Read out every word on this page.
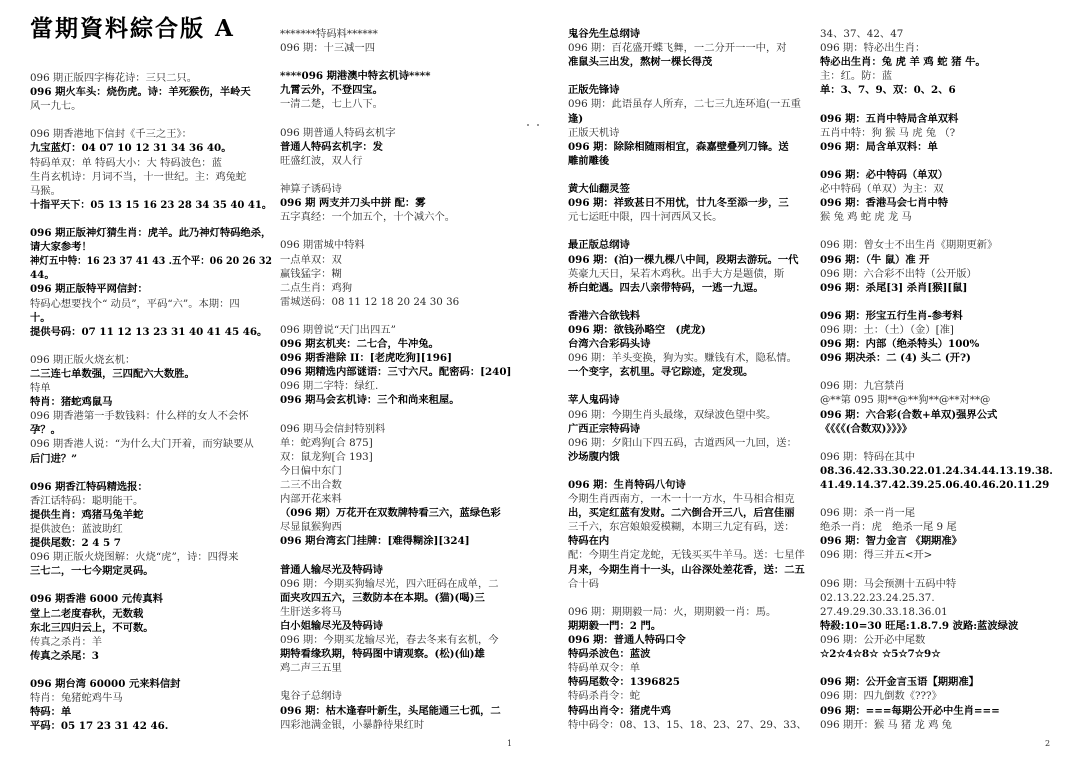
當期資料綜合版 A
096 期正版四字梅花诗：三只二只。
096 期火车头：烧伤虎。诗：羊死猴伤，半岭天
风一九七。
096 期香港地下信封《千三之王》：
九宝蓝灯：04 07 10 12 31 34 36 40。
特码单双：单 特码大小：大 特码波色：蓝
生肖玄机诗：月词不当，十一世纪。主：鸡兔蛇
马猴。
十指平天下：05 13 15 16 23 28 34 35 40 41。
096 期正版神灯猜生肖：虎羊。此乃神灯特码绝杀，
请大家参考！
神灯五中特：16 23 37 41 43 .五个平：06 20 26 32
44。
096 期正版特平网信封：
特码心想要找个“ 动员”，平码“六”。本期：四
十。
提供号码：07 11 12 13 23 31 40 41 45 46。
096 期正版火烧玄机：
二三连七单数强，三四配六大数胜。
特单
特肖：猪蛇鸡鼠马
096 期香港第一手数钱料：什么样的女人不会怀
孕？。
096 期香港人说：“为什么大门开着，而穷缺要从
后门进？”
096 期香江特码精选报：
香江话特码：聪明能干。
提供生肖：鸡猪马兔羊蛇
提供波色：蓝波助红
提供尾数：2 4 5 7
096 期正版火烧图解：火烧“虎”，诗：四得来
三七二，一七今期定灵码。
096 期香港 6000 元传真料
堂上二老度春秋，无数载
东北三四归云上，不可数。
传真之杀肖：羊
传真之杀尾：3
096 期台湾 60000 元来料信封
特肖：兔猪蛇鸡牛马
特码：单
平码：05 17 23 31 42 46.
*******特码料******
096 期：十三减一四
****096 期港澳中特玄机诗****
九霄云外，不登四宝。
一清二楚，七上八下。
096 期普通人特码玄机字
普通人特码玄机字：发
旺盛红波，双人行
神算子诱码诗
096 期 两支并刀头中拼 配：雾
五字真经：一个加五个，十个减六个。
096 期雷城中特料
一点单双：双
赢钱猛字：糊
二点生肖：鸡狗
雷城送码：08 11 12 18 20 24 30 36
096 期曾说“天门出四五”
096 期玄机夹：二七合，牛冲兔。
096 期香港除 II：[老虎吃狗][196]
096 期精选内部谜语：三寸六尺。配密码：[240]
096 期二字特：绿红.
096 期马会玄机诗：三个和尚来租屋。
096 期马会信封特别料
单：蛇鸡狗[合 875]
双：鼠龙狗[合 193]
今日偏中东门
二三不出合数
内部开花来料
（096 期）万花开在双数牌特看三六，蓝绿色彩
尽显鼠猴狗西
096 期台湾玄门挂牌：[难得糊涂][324]
普通人输尽光及特码诗
096 期：今期买狗输尽光，四六旺码在成单，二
面夹攻四五六，三数防本在本期。(猫)(喝)三
生肝送多将马
白小姐输尽光及特码诗
096 期：今期买龙输尽光，春去冬来有玄机，今
期特看缘玖期，特码图中请观察。(松)(仙)雄
鸡二声三五里
鬼谷子总纲诗
096 期：枯木逢春叶新生，头尾能通三七孤，二
四彩池满金银，小暴静待果红时
1
鬼谷先生总纲诗
096 期：百花盛开蝶飞舞，一二分开一一中，对
准鼠头三出发，熬树一棵长得茂
正版先锋诗
096 期：此语虽存人所弃，二七三九连环追(一五重
逢)
正版天机诗
096 期：除除相随雨相宜，森嘉壁叠列刀锋。送
雕前雕後
黄大仙翻灵签
096 期：祥致甚日不用忧，廿九冬至添一步，三
元七运旺中限，四十河西风又长。
最正版总纲诗
096 期：(泊)一棵九棵八中间，段期去游玩。一代
英豪九天日，呆若木鸡秋。出手大方是题债，斯
桥白蛇遇。四去八亲带特码，一逃一九逗。
香港六合欲钱料
096 期：欲钱孙略空　(虎龙)
台湾六合彩码头诗
096 期：羊头变换，狗为实。赚钱有术，隐私情。
一个变字，玄机里。寻它踪迹，定发现。
苹人鬼码诗
096 期：今期生肖头最缘，双绿波色望中奖。
广西正宗特码诗
096 期：夕阳山下四五码，古道西风一九回，送：
沙场腹内饿
096 期：生肖特码八句诗
今期生肖西南方，一木一十一方水，牛马相合相克
出，买定红蓝有发财。二六倒合开三八，后宫佳丽
三千六，东宫娘娘爱模糊，本期三九定有码，送：
特码在内
配：今期生肖定龙蛇，无钱买买牛羊马。送：七星伴
月来，今期生肖十一头，山谷深处差花香，送：二五
合十码
096 期：期期毅一局：火，期期毅一肖：馬。
期期毅一門：2 門。
096 期：普通人特码口令
特码杀波色：蓝波
特码单双令：单
特码尾数令：1396825
特码杀肖令：蛇
特码出肖令：猪虎牛鸡
特中码令：08、13、15、18、23、27、29、33、
34、37、42、47
096 期：特必出生肖：
特必出生肖：兔 虎 羊 鸡 蛇 猪 牛。
主：红。防：蓝
单：3、7、9、双：0、2、6
096 期：五肖中特局含单双料
五肖中特：狗 猴 马 虎 兔 （?
096 期：局含单双料：单
096 期：必中特码（单双）
必中特码（单双）为主：双
096 期：香港马会七肖中特
猴 兔 鸡 蛇 虎 龙 马
096 期：曾女士不出生肖《期期更新》
096 期：（牛 鼠）准 开
096 期：六合彩不出特（公开版）
096 期：杀尾[3] 杀肖[猴][鼠]
096 期：形宝五行生肖-参考料
096 期：土：（土）（金）[准]
096 期：内部（绝杀特头）100%
096 期决杀：二 (4) 头二 (开?)
096 期：九宫禁肖
@**第 095 期**@**狗**@**对**@
096 期：六合彩(合数+单双)强界公式
《《《《(合数双)》》》》
096 期：特码在其中
08.36.42.33.30.22.01.24.34.44.13.19.38.
41.49.14.37.42.39.25.06.40.46.20.11.29
096 期：杀一肖一尾
绝杀一肖：虎　绝杀一尾 9 尾
096 期：智力金言 《期期准》
096 期：得三并五<开>
096 期：马会预测十五码中特
02.13.22.23.24.25.37.
27.49.29.30.33.18.36.01
特殺:10=30 旺尾:1.8.7.9 波路:蓝波绿波
096 期：公开必中尾数
☆2☆4☆8☆ ☆5☆7☆9☆
096 期：公开金言玉语【期期准】
096 期：四九倒数《???》
096 期：===每期公开必中生肖===
096 期开：猴 马 猪 龙 鸡 兔
2
